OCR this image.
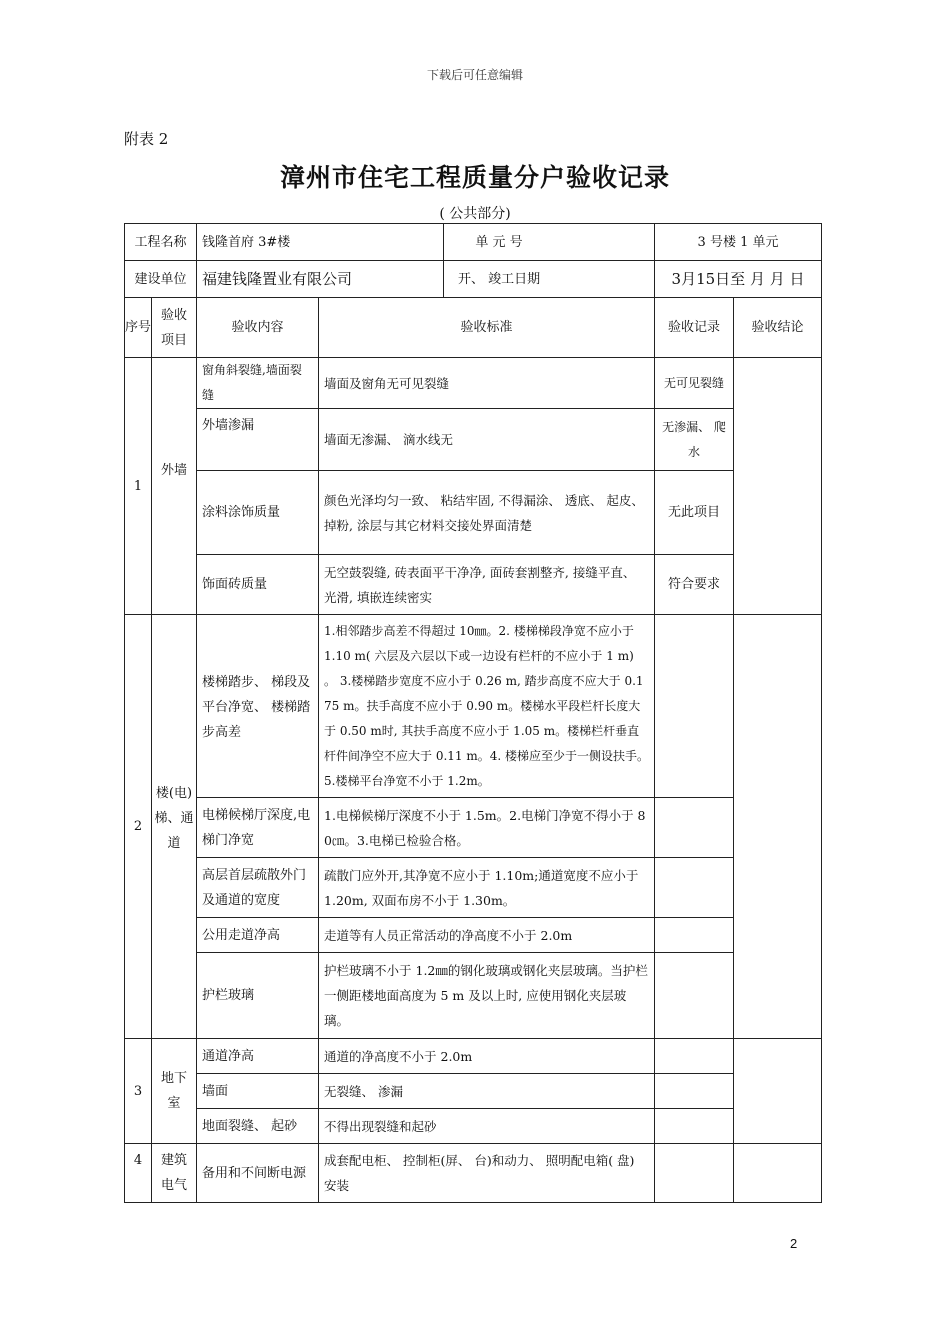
下载后可任意编辑
附表 2
漳州市住宅工程质量分户验收记录
( 公共部分)
工程名称		钱隆首府 3#楼 单 元 号		3 号楼 1 单元	
建设单位		福建钱隆置业有限公司 开、 竣工日期		3月15日至 月 月 日	
序号	验收项目	验收内容	验收标准	验收记录	验收结论
1	外墙	窗角斜裂缝,墙面裂缝	墙面及窗角无可见裂缝	无可见裂缝	
		外墙渗漏	墙面无渗漏、 滴水线无	无渗漏、 爬水	
		涂料涂饰质量	颜色光泽均匀一致、 粘结牢固, 不得漏涂、 透底、 起皮、 掉粉, 涂层与其它材料交接处界面清楚	无此项目	
		饰面砖质量	无空鼓裂缝, 砖表面平干净净, 面砖套割整齐, 接缝平直、 光滑, 填嵌连续密实	符合要求	
2	楼(电)梯、通道	楼梯踏步、 梯段及平台净宽、 楼梯踏步高差	1.相邻踏步高差不得超过 10㎜。2. 楼梯梯段净宽不应小于 1.10 m( 六层及六层以下或一边设有栏杆的不应小于 1 m) 。 3.楼梯踏步宽度不应小于 0.26 m, 踏步高度不应大于 0.175 m。扶手高度不应小于 0.90 m。楼梯水平段栏杆长度大于 0.50 m时, 其扶手高度不应小于 1.05 m。楼梯栏杆垂直杆件间净空不应大于 0.11 m。4. 楼梯应至少于一侧设扶手。5.楼梯平台净宽不小于 1.2m。		
		电梯候梯厅深度,电梯门净宽	1.电梯候梯厅深度不小于 1.5m。2.电梯门净宽不得小于 80㎝。3.电梯已检验合格。		
		高层首层疏散外门及通道的宽度	疏散门应外开,其净宽不应小于 1.10m;通道宽度不应小于 1.20m, 双面布房不小于 1.30m。		
		公用走道净高	走道等有人员正常活动的净高度不小于 2.0m		
		护栏玻璃	护栏玻璃不小于 1.2㎜的钢化玻璃或钢化夹层玻璃。当护栏一侧距楼地面高度为 5 m 及以上时, 应使用钢化夹层玻璃。		
3	地下室	通道净高	通道的净高度不小于 2.0m		
		墙面	无裂缝、 渗漏		
		地面裂缝、 起砂	不得出现裂缝和起砂		
4	建筑电气	备用和不间断电源	成套配电柜、 控制柜(屏、 台)和动力、 照明配电箱( 盘) 安装		
2
